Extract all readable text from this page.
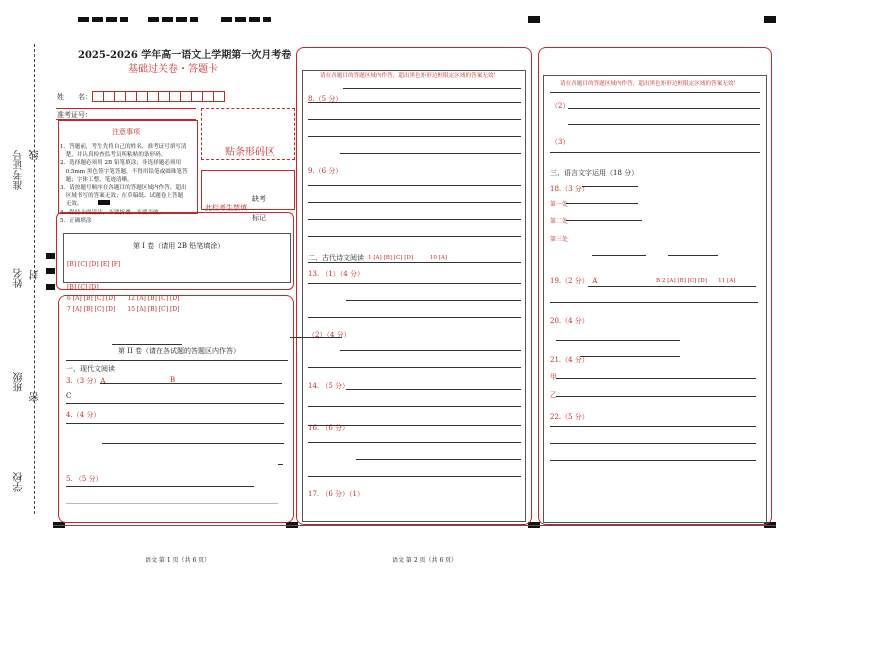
准考证号 线
姓名 封
班级
密
学校
2025-2026 学年高一语文上学期第一次月考卷
基础过关卷・答题卡
姓　　名：
准考证号：
注意事项
1．答题前，考生先将自己的姓名，准考证号填写清
　楚，并认真检查监考员所粘贴的条形码。
2．选择题必须用 2B 铅笔填涂；非选择题必须用
　0.5mm 黑色签字笔答题，不得用铅笔或圆珠笔答
　题；字体工整、笔迹清晰。
3．请按题号顺序在各题目的答题区域内作答，超出
　区域书写的答案无效；在草稿纸、试题卷上答题
　无效。
4．保持卡面清洁，不要折叠、不要弄破。
5．正确填涂
贴条形码区
缺考
此栏考生禁填
标记
第 I 卷（请用 2B 铅笔填涂）
[B] [C] [D] [E] [F]
[B] [C] [D]
6 [A] [B] [C] [D]　　12 [A] [B] [C] [D]
7 [A] [B] [C] [D]　　15 [A] [B] [C] [D]
第 II 卷（请在各试题的答题区内作答）
一、现代文阅读
3.（3 分）A	B
C
4.（4 分）
5. （5 分）
语文 第 1 页（共 6 页）
请在各题目的答题区域内作答，超出黑色矩形边框限定区域的答案无效！
8.（5 分）
9.（6 分）
二、古代诗文阅读 1 [A] [B] [C] [D]　　　10 [A]
13. （1）（4 分）
（2）（4 分）
14. （5 分）
16. （6 分）
17. （6 分）（1）
语文 第 2 页（共 6 页）
请在各题目的答题区域内作答，超出黑色矩形边框限定区域的答案无效！
（2）
（3）
三、语言文字运用（18 分）
18.（3 分）
第一处
第二处
第三处
19.（2 分）　A	B 2 [A] [B] [C] [D]　　11 [A]
20.（4 分）
21.（4 分）
甲
乙
22.（5 分）
